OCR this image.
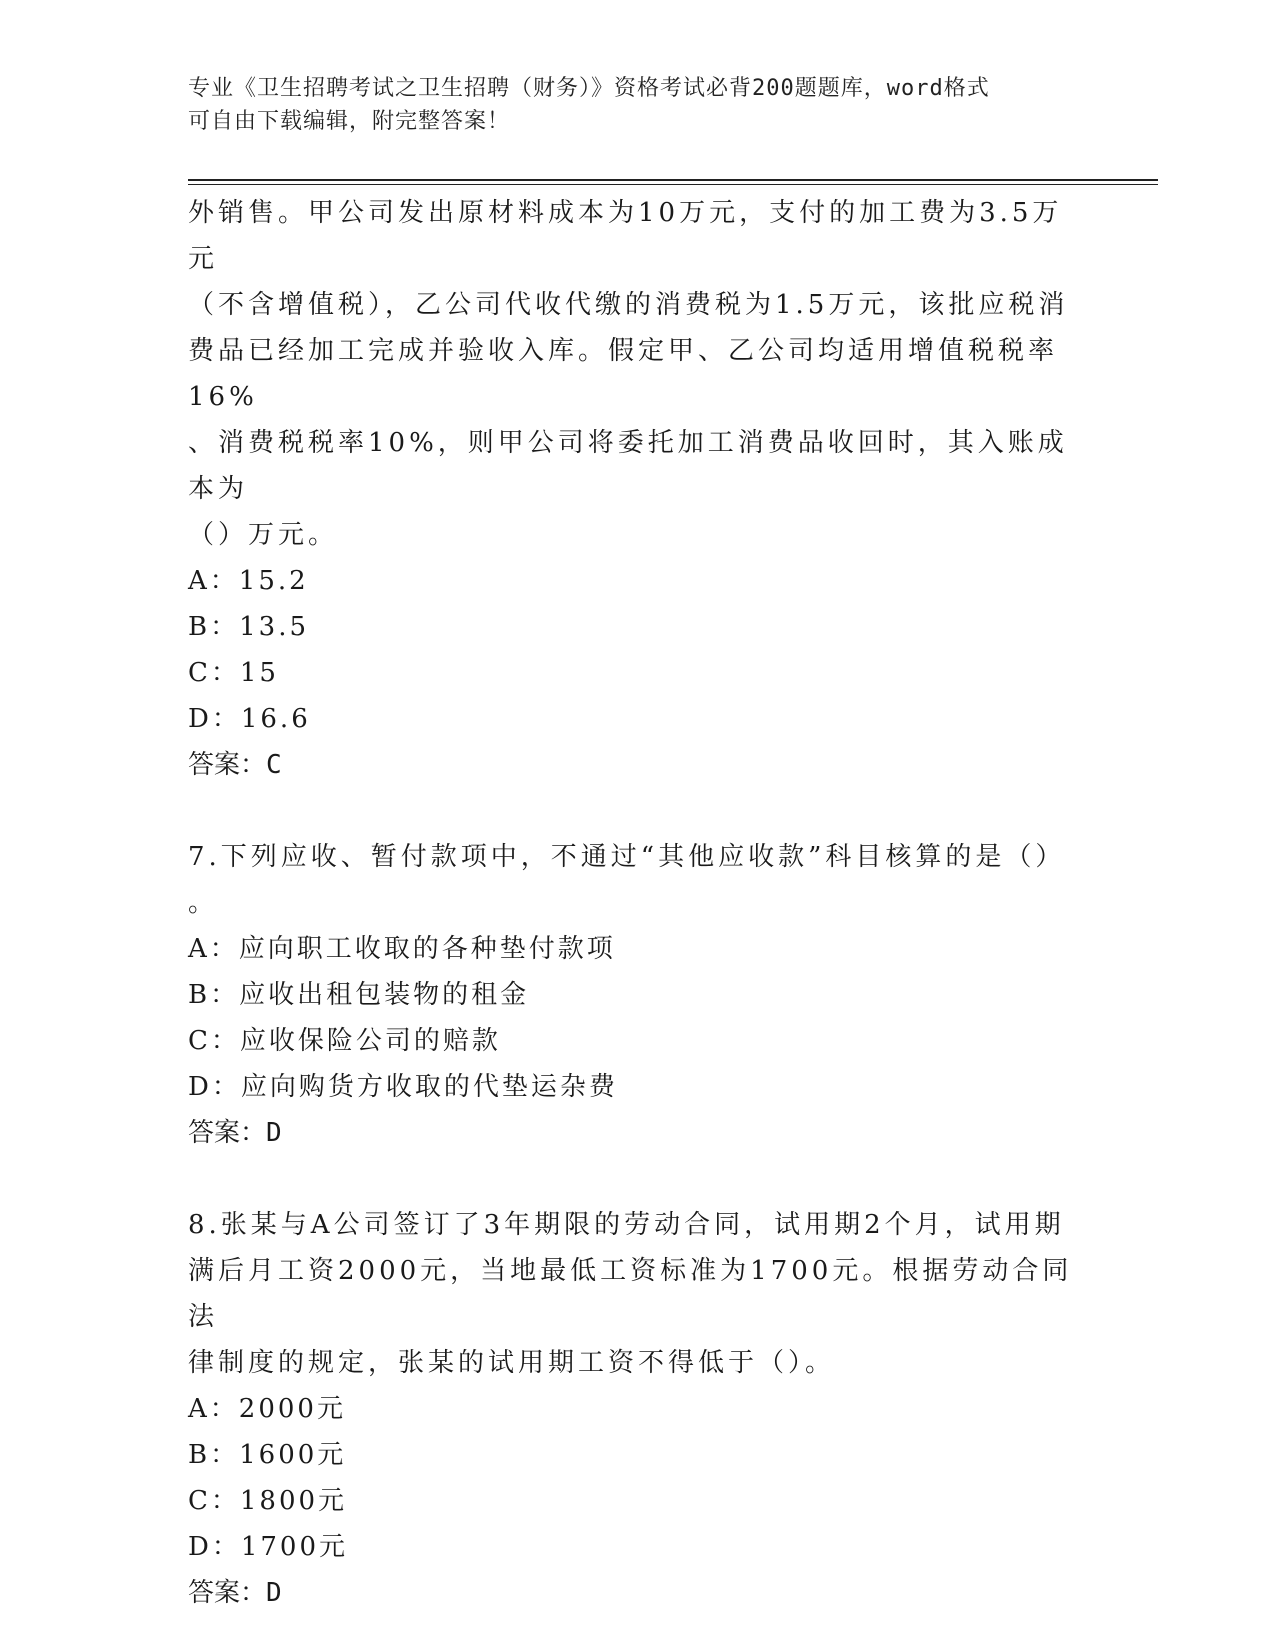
专业《卫生招聘考试之卫生招聘（财务）》资格考试必背200题题库，word格式
可自由下载编辑，附完整答案！

外销售。甲公司发出原材料成本为10万元，支付的加工费为3.5万元

（不含增值税），乙公司代收代缴的消费税为1.5万元，该批应税消

费品已经加工完成并验收入库。假定甲、乙公司均适用增值税税率16%

、消费税税率10%，则甲公司将委托加工消费品收回时，其入账成本为

（）万元。

A：15.2

B：13.5

C：15

D：16.6

答案：C

7.下列应收、暂付款项中，不通过“其他应收款”科目核算的是（）

。

A：应向职工收取的各种垫付款项

B：应收出租包装物的租金

C：应收保险公司的赔款

D：应向购货方收取的代垫运杂费

答案：D

8.张某与A公司签订了3年期限的劳动合同，试用期2个月，试用期

满后月工资2000元，当地最低工资标准为1700元。根据劳动合同法

律制度的规定，张某的试用期工资不得低于（）。

A：2000元

B：1600元

C：1800元

D：1700元

答案：D
